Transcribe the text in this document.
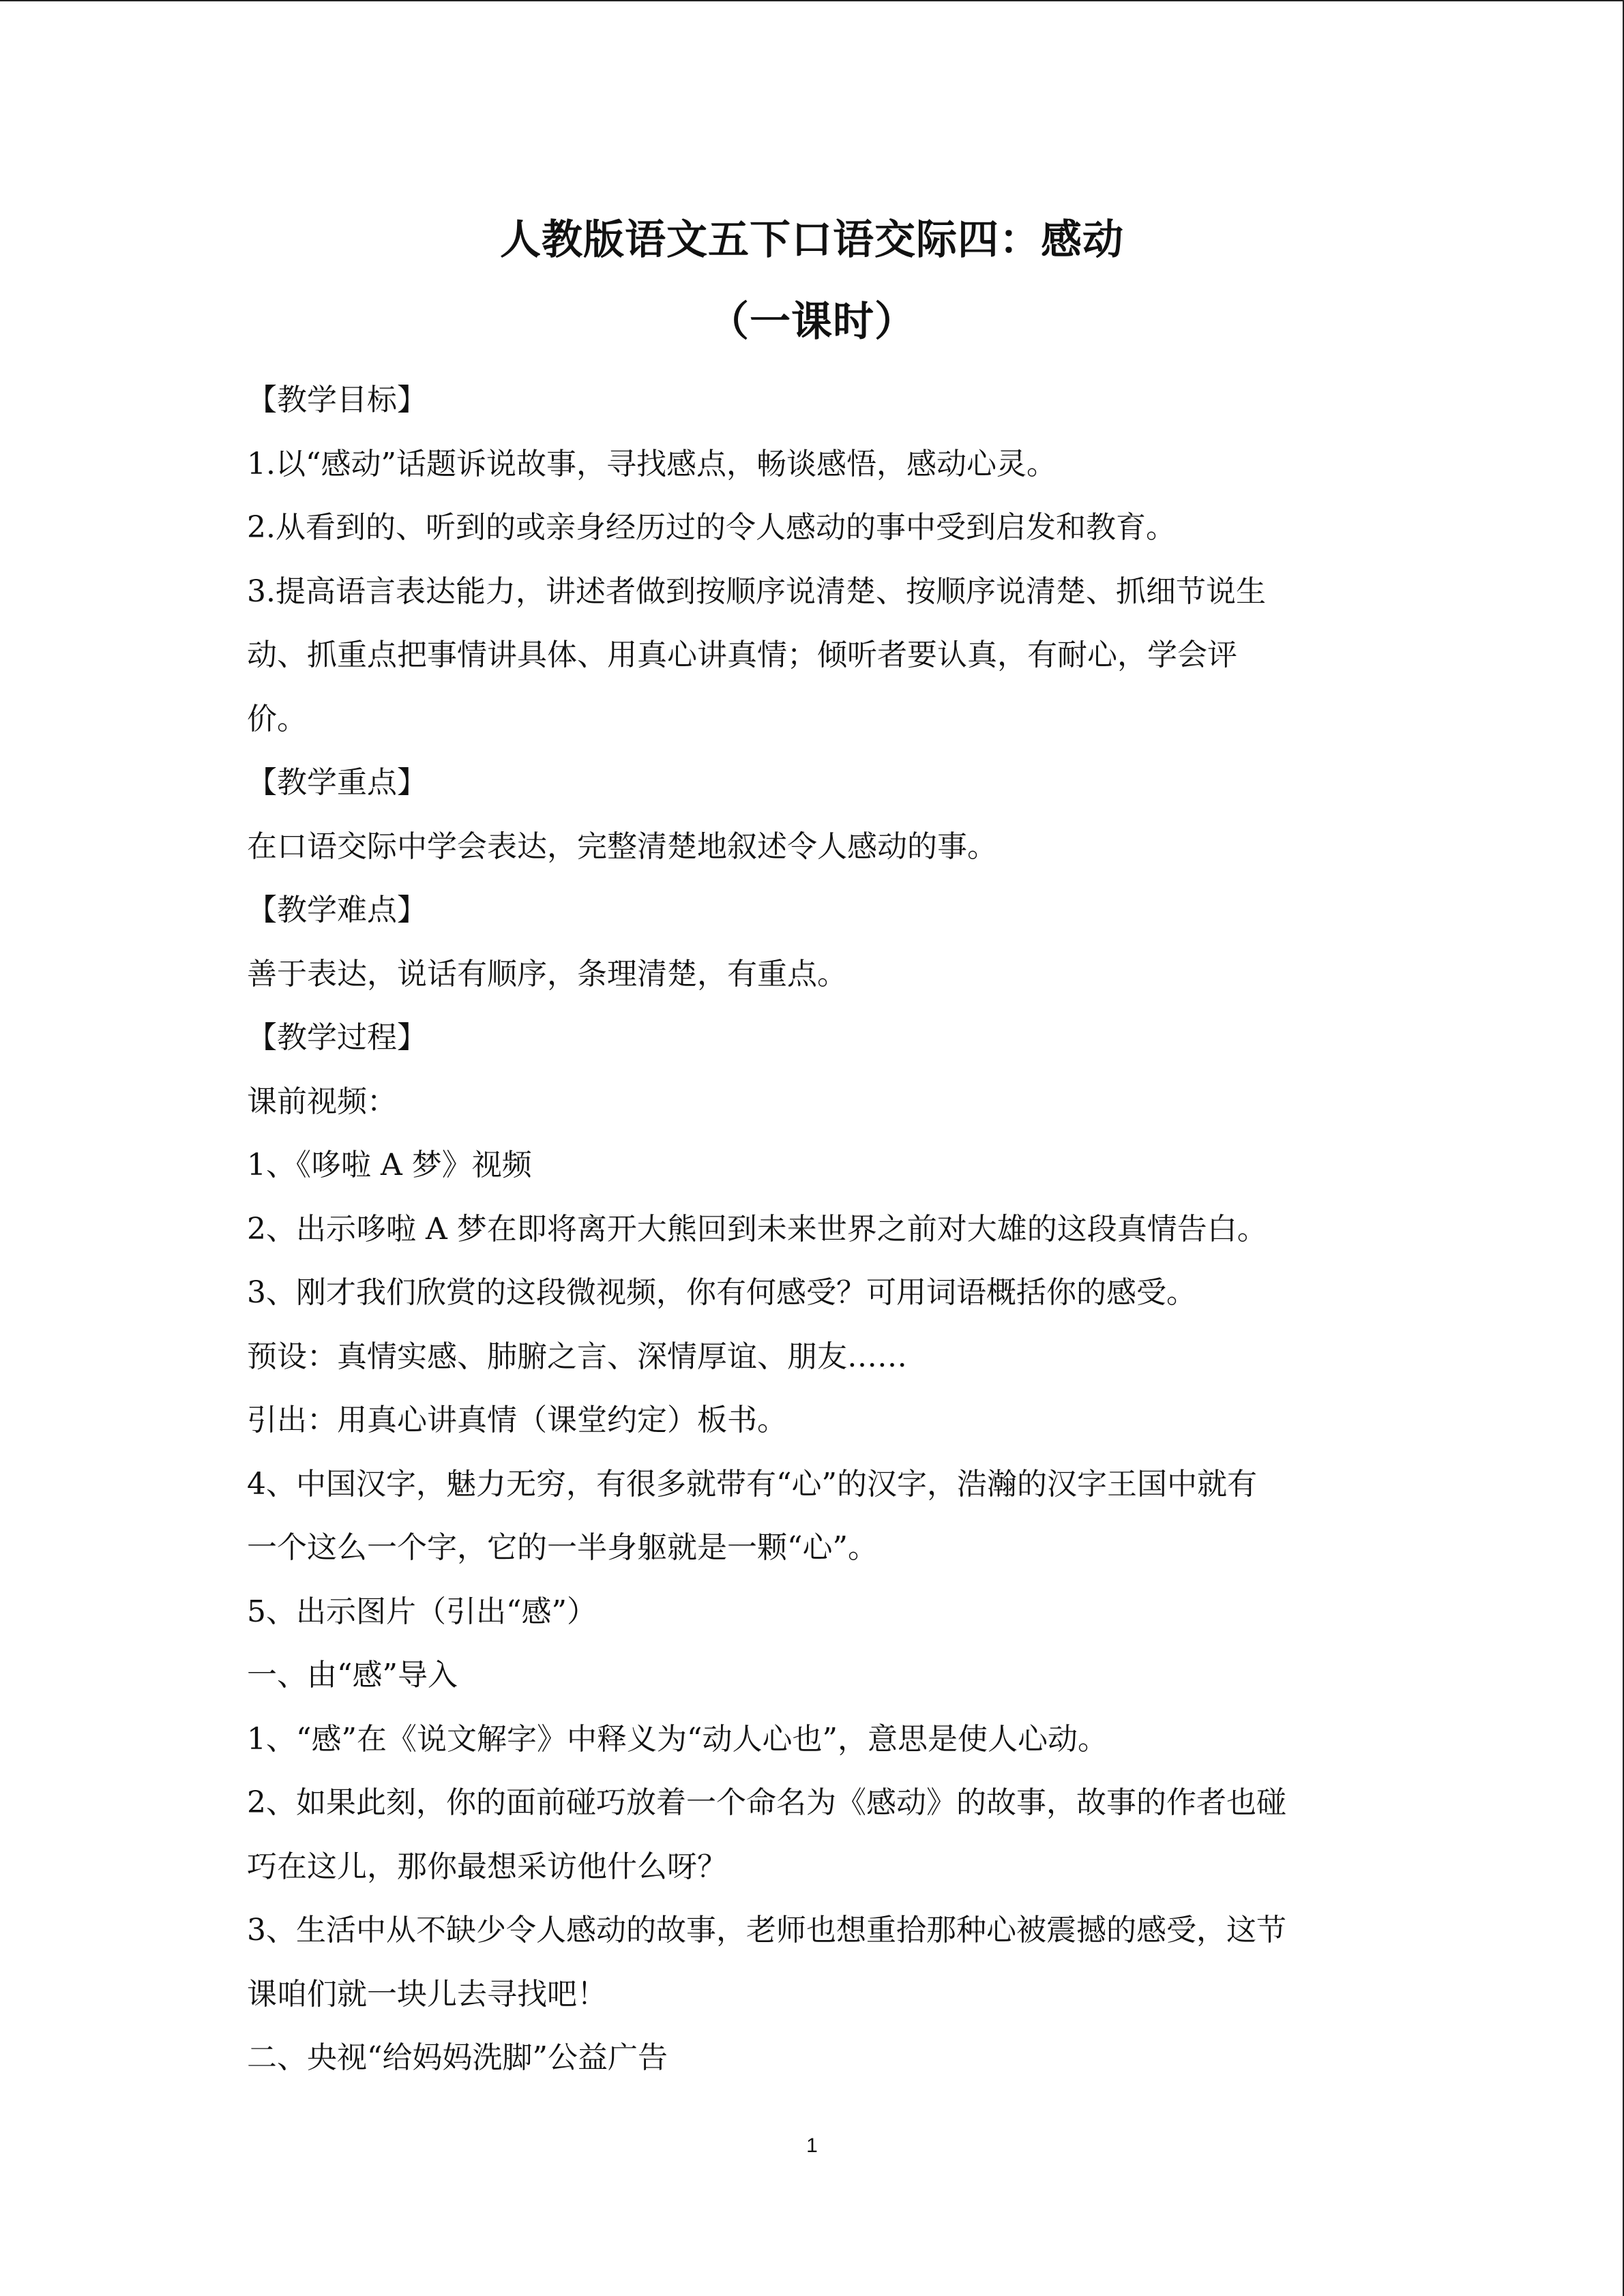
人教版语文五下口语交际四：感动
（一课时）
【教学目标】
1.以“感动”话题诉说故事，寻找感点，畅谈感悟，感动心灵。
2.从看到的、听到的或亲身经历过的令人感动的事中受到启发和教育。
3.提高语言表达能力，讲述者做到按顺序说清楚、按顺序说清楚、抓细节说生
动、抓重点把事情讲具体、用真心讲真情；倾听者要认真，有耐心，学会评
价。
【教学重点】
在口语交际中学会表达，完整清楚地叙述令人感动的事。
【教学难点】
善于表达，说话有顺序，条理清楚，有重点。
【教学过程】
课前视频：
1、《哆啦 A 梦》视频
2、出示哆啦 A 梦在即将离开大熊回到未来世界之前对大雄的这段真情告白。
3、刚才我们欣赏的这段微视频，你有何感受？可用词语概括你的感受。
预设：真情实感、肺腑之言、深情厚谊、朋友……
引出：用真心讲真情（课堂约定）板书。
4、中国汉字，魅力无穷，有很多就带有“心”的汉字，浩瀚的汉字王国中就有
一个这么一个字，它的一半身躯就是一颗“心”。
5、出示图片（引出“感”）
一、由“感”导入
1、“感”在《说文解字》中释义为“动人心也”，意思是使人心动。
2、如果此刻，你的面前碰巧放着一个命名为《感动》的故事，故事的作者也碰
巧在这儿，那你最想采访他什么呀？
3、生活中从不缺少令人感动的故事，老师也想重拾那种心被震撼的感受，这节
课咱们就一块儿去寻找吧！
二、央视“给妈妈洗脚”公益广告
1
